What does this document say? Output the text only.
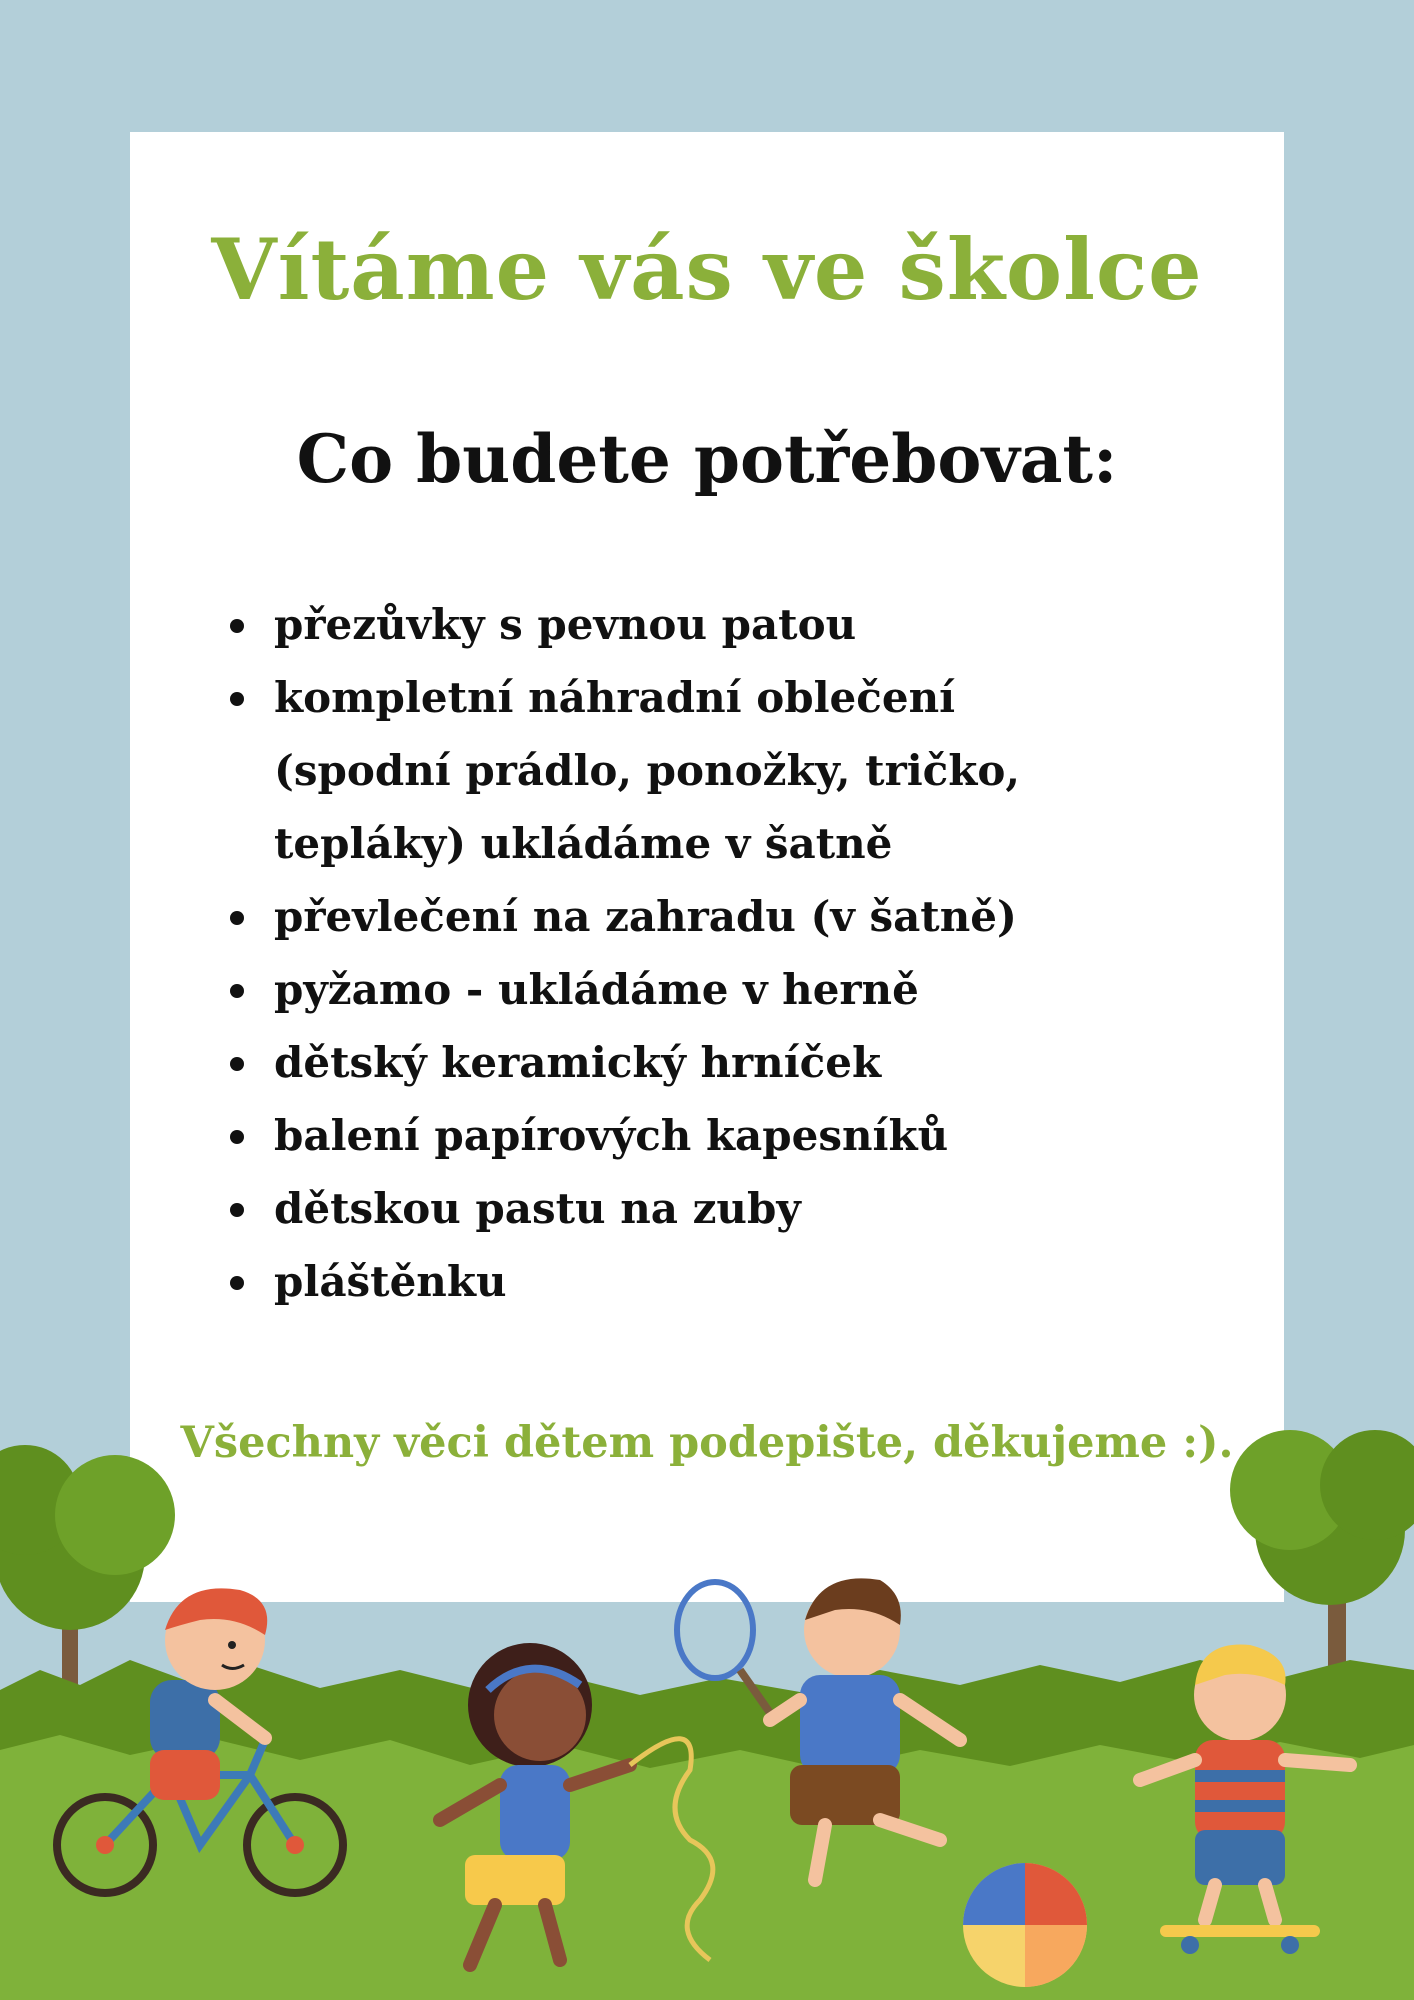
Vítáme vás ve školce
Co budete potřebovat:
přezůvky s pevnou patou
kompletní náhradní oblečení (spodní prádlo, ponožky, tričko, tepláky) ukládáme v šatně
převlečení na zahradu (v šatně)
pyžamo - ukládáme v herně
dětský keramický hrníček
balení papírových kapesníků
dětskou pastu na zuby
pláštěnku

Všechny věci dětem podepište, děkujeme :).
